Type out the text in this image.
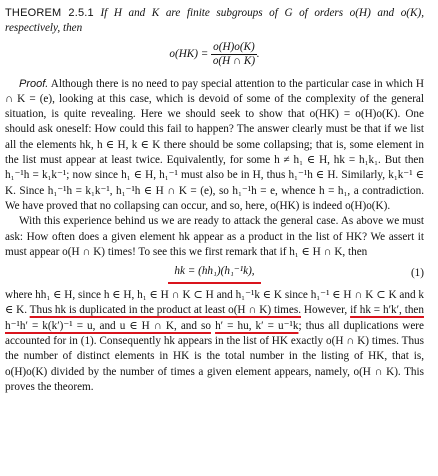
THEOREM 2.5.1 If H and K are finite subgroups of G of orders o(H) and o(K), respectively, then

$o(HK) = \frac{o(H)o(K)}{o(H \cap K)}$ .

Proof. Although there is no need to pay special attention to the particular case in which H ∩ K = (e), looking at this case, which is devoid of some of the complexity of the general situation, is quite revealing. Here we should seek to show that o(HK) = o(H)o(K). One should ask oneself: How could this fail to happen? The answer clearly must be that if we list all the elements hk, h ∈ H, k ∈ K there should be some collapsing; that is, some element in the list must appear at least twice. Equivalently, for some h ≠ h₁ ∈ H, hk = h₁k₁. But then h₁⁻¹h = k₁k⁻¹; now since h₁ ∈ H, h₁⁻¹ must also be in H, thus h₁⁻¹h ∈ H. Similarly, k₁k⁻¹ ∈ K. Since h₁⁻¹h = k₁k⁻¹, h₁⁻¹h ∈ H ∩ K = (e), so h₁⁻¹h = e, whence h = h₁, a contradiction. We have proved that no collapsing can occur, and so, here, o(HK) is indeed o(H)o(K).

With this experience behind us we are ready to attack the general case. As above we must ask: How often does a given element hk appear as a product in the list of HK? We assert it must appear o(H ∩ K) times! To see this we first remark that if h₁ ∈ H ∩ K, then

hk = (hh₁)(h₁⁻¹k),	(1)

where hh₁ ∈ H, since h ∈ H, h₁ ∈ H ∩ K ⊂ H and h₁⁻¹k ∈ K since h₁⁻¹ ∈ H ∩ K ⊂ K and k ∈ K. Thus hk is duplicated in the product at least o(H ∩ K) times. However, if hk = h′k′, then h⁻¹h′ = k(k′)⁻¹ = u, and u ∈ H ∩ K, and so h′ = hu, k′ = u⁻¹k; thus all duplications were accounted for in (1). Consequently hk appears in the list of HK exactly o(H ∩ K) times. Thus the number of distinct elements in HK is the total number in the listing of HK, that is, o(H)o(K) divided by the number of times a given element appears, namely, o(H ∩ K). This proves the theorem.
